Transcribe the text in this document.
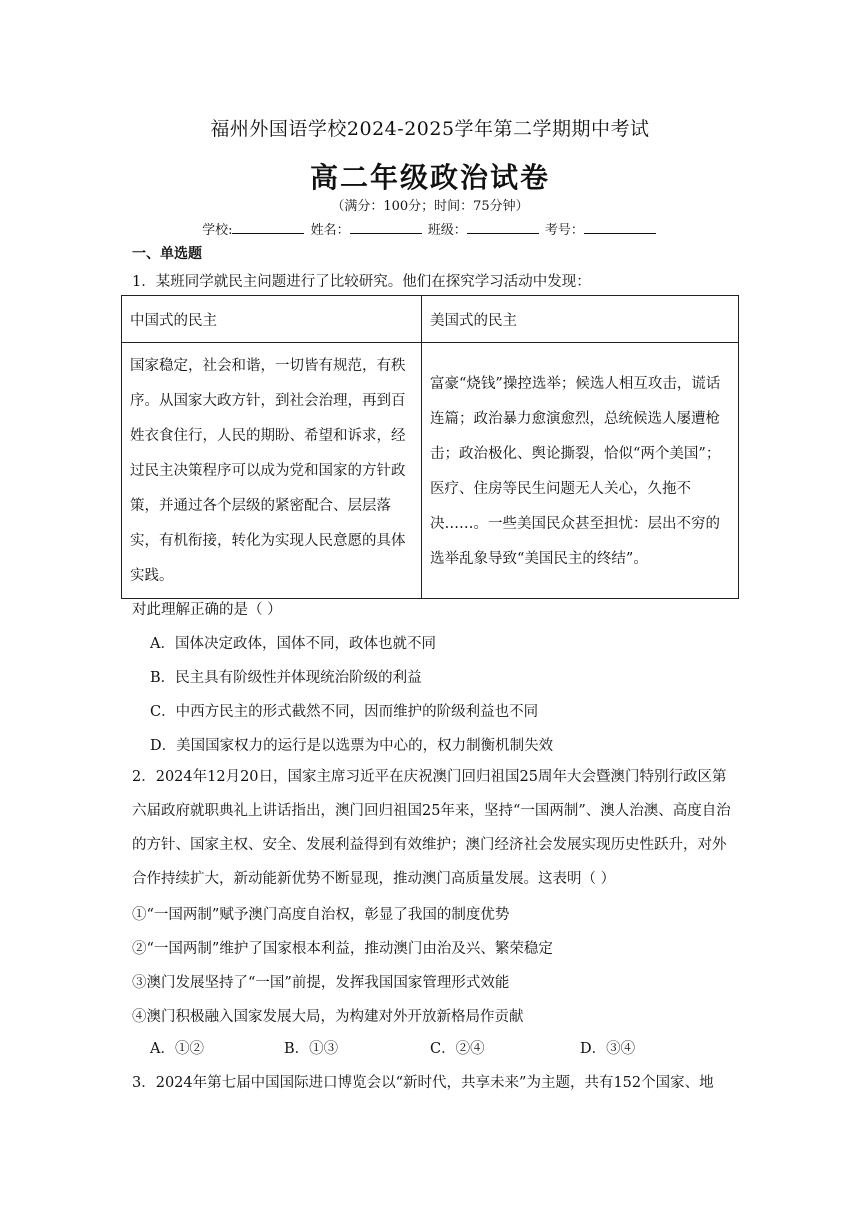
福州外国语学校2024-2025学年第二学期期中考试
高二年级政治试卷
（满分：100分；时间：75分钟）
学校:	姓名：	班级：	考号：
一、单选题
1．某班同学就民主问题进行了比较研究。他们在探究学习活动中发现：
中国式的民主	美国式的民主

国家稳定，社会和谐，一切皆有规范，有秩序。从国家大政方针，到社会治理，再到百姓衣食住行，人民的期盼、希望和诉求，经过民主决策程序可以成为党和国家的方针政策，并通过各个层级的紧密配合、层层落实，有机衔接，转化为实现人民意愿的具体实践。	富豪“烧钱”操控选举；候选人相互攻击，谎话连篇；政治暴力愈演愈烈，总统候选人屡遭枪击；政治极化、舆论撕裂，恰似“两个美国”；医疗、住房等民生问题无人关心，久拖不决……。一些美国民众甚至担忧：层出不穷的选举乱象导致“美国民主的终结”。
对此理解正确的是（ ）
A．国体决定政体，国体不同，政体也就不同
B．民主具有阶级性并体现统治阶级的利益
C．中西方民主的形式截然不同，因而维护的阶级利益也不同
D．美国国家权力的运行是以选票为中心的，权力制衡机制失效
2．2024年12月20日，国家主席习近平在庆祝澳门回归祖国25周年大会暨澳门特别行政区第六届政府就职典礼上讲话指出，澳门回归祖国25年来，坚持“一国两制”、澳人治澳、高度自治的方针、国家主权、安全、发展利益得到有效维护；澳门经济社会发展实现历史性跃升，对外合作持续扩大，新动能新优势不断显现，推动澳门高质量发展。这表明（ ）
①“一国两制”赋予澳门高度自治权，彰显了我国的制度优势
②“一国两制”维护了国家根本利益，推动澳门由治及兴、繁荣稳定
③澳门发展坚持了“一国”前提，发挥我国国家管理形式效能
④澳门积极融入国家发展大局，为构建对外开放新格局作贡献
A．①②	B．①③	C．②④	D．③④
3．2024年第七届中国国际进口博览会以“新时代，共享未来”为主题，共有152个国家、地
